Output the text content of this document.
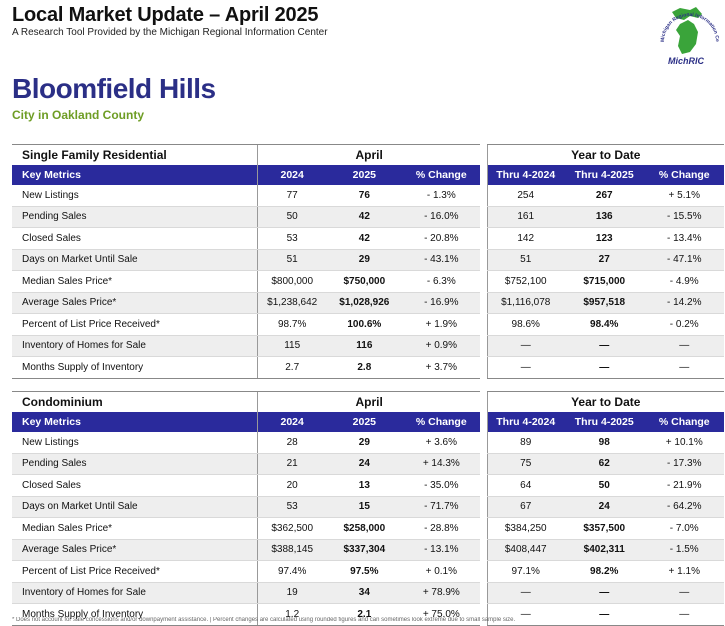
Local Market Update – April 2025
A Research Tool Provided by the Michigan Regional Information Center
Michigan Regional Information Ce
MichRIC
Bloomfield Hills
City in Oakland County
Single Family Residential		April				Year to Date		
Key Metrics		2024	2025	% Change		Thru 4-2024	Thru 4-2025	% Change
New Listings		77	76	- 1.3%		254	267	+ 5.1%
Pending Sales		50	42	- 16.0%		161	136	- 15.5%
Closed Sales		53	42	- 20.8%		142	123	- 13.4%
Days on Market Until Sale		51	29	- 43.1%		51	27	- 47.1%
Median Sales Price*		$800,000	$750,000	- 6.3%		$752,100	$715,000	- 4.9%
Average Sales Price*		$1,238,642	$1,028,926	- 16.9%		$1,116,078	$957,518	- 14.2%
Percent of List Price Received*		98.7%	100.6%	+ 1.9%		98.6%	98.4%	- 0.2%
Inventory of Homes for Sale		115	116	+ 0.9%		—	—	—
Months Supply of Inventory		2.7	2.8	+ 3.7%		—	—	—
Condominium		April				Year to Date		
Key Metrics		2024	2025	% Change		Thru 4-2024	Thru 4-2025	% Change
New Listings		28	29	+ 3.6%		89	98	+ 10.1%
Pending Sales		21	24	+ 14.3%		75	62	- 17.3%
Closed Sales		20	13	- 35.0%		64	50	- 21.9%
Days on Market Until Sale		53	15	- 71.7%		67	24	- 64.2%
Median Sales Price*		$362,500	$258,000	- 28.8%		$384,250	$357,500	- 7.0%
Average Sales Price*		$388,145	$337,304	- 13.1%		$408,447	$402,311	- 1.5%
Percent of List Price Received*		97.4%	97.5%	+ 0.1%		97.1%	98.2%	+ 1.1%
Inventory of Homes for Sale		19	34	+ 78.9%		—	—	—
Months Supply of Inventory		1.2	2.1	+ 75.0%		—	—	—
* Does not account for sale concessions and/or downpayment assistance. | Percent changes are calculated using rounded figures and can sometimes look extreme due to small sample size.
